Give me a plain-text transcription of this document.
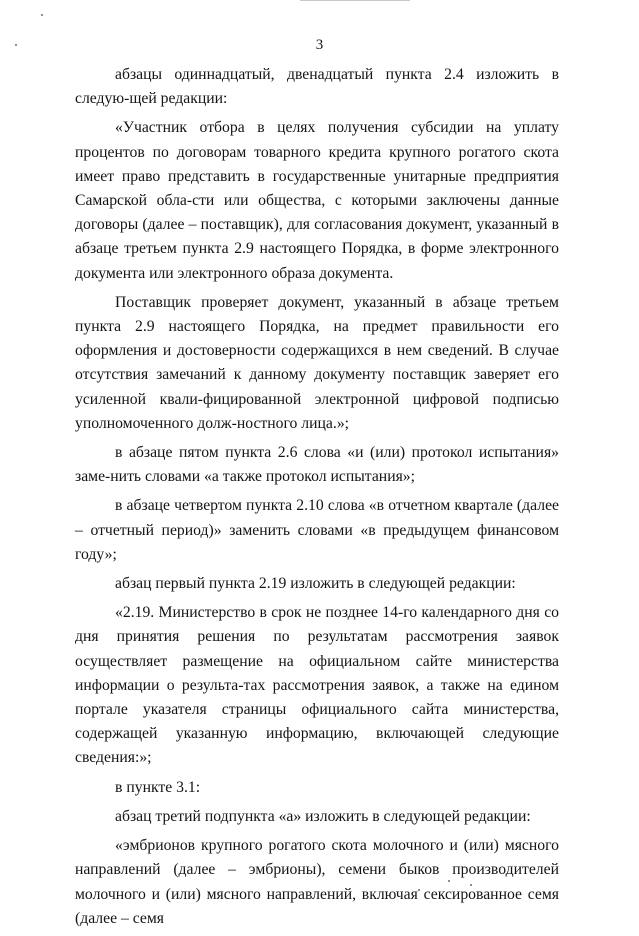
3

абзацы одиннадцатый, двенадцатый пункта 2.4 изложить в следую-щей редакции:

«Участник отбора в целях получения субсидии на уплату процентов по договорам товарного кредита крупного рогатого скота имеет право представить в государственные унитарные предприятия Самарской обла-сти или общества, с которыми заключены данные договоры (далее – поставщик), для согласования документ, указанный в абзаце третьем пункта 2.9 настоящего Порядка, в форме электронного документа или электронного образа документа.

Поставщик проверяет документ, указанный в абзаце третьем пункта 2.9 настоящего Порядка, на предмет правильности его оформления и достоверности содержащихся в нем сведений. В случае отсутствия замечаний к данному документу поставщик заверяет его усиленной квали-фицированной электронной цифровой подписью уполномоченного долж-ностного лица.»;

в абзаце пятом пункта 2.6 слова «и (или) протокол испытания» заме-нить словами «а также протокол испытания»;

в абзаце четвертом пункта 2.10 слова «в отчетном квартале (далее – отчетный период)» заменить словами «в предыдущем финансовом году»;

абзац первый пункта 2.19 изложить в следующей редакции:

«2.19. Министерство в срок не позднее 14-го календарного дня со дня принятия решения по результатам рассмотрения заявок осуществляет размещение на официальном сайте министерства информации о результа-тах рассмотрения заявок, а также на едином портале указателя страницы официального сайта министерства, содержащей указанную информацию, включающей следующие сведения:»;

в пункте 3.1:

абзац третий подпункта «а» изложить в следующей редакции:

«эмбрионов крупного рогатого скота молочного и (или) мясного направлений (далее – эмбрионы), семени быков производителей молочного и (или) мясного направлений, включая сексированное семя (далее – семя
